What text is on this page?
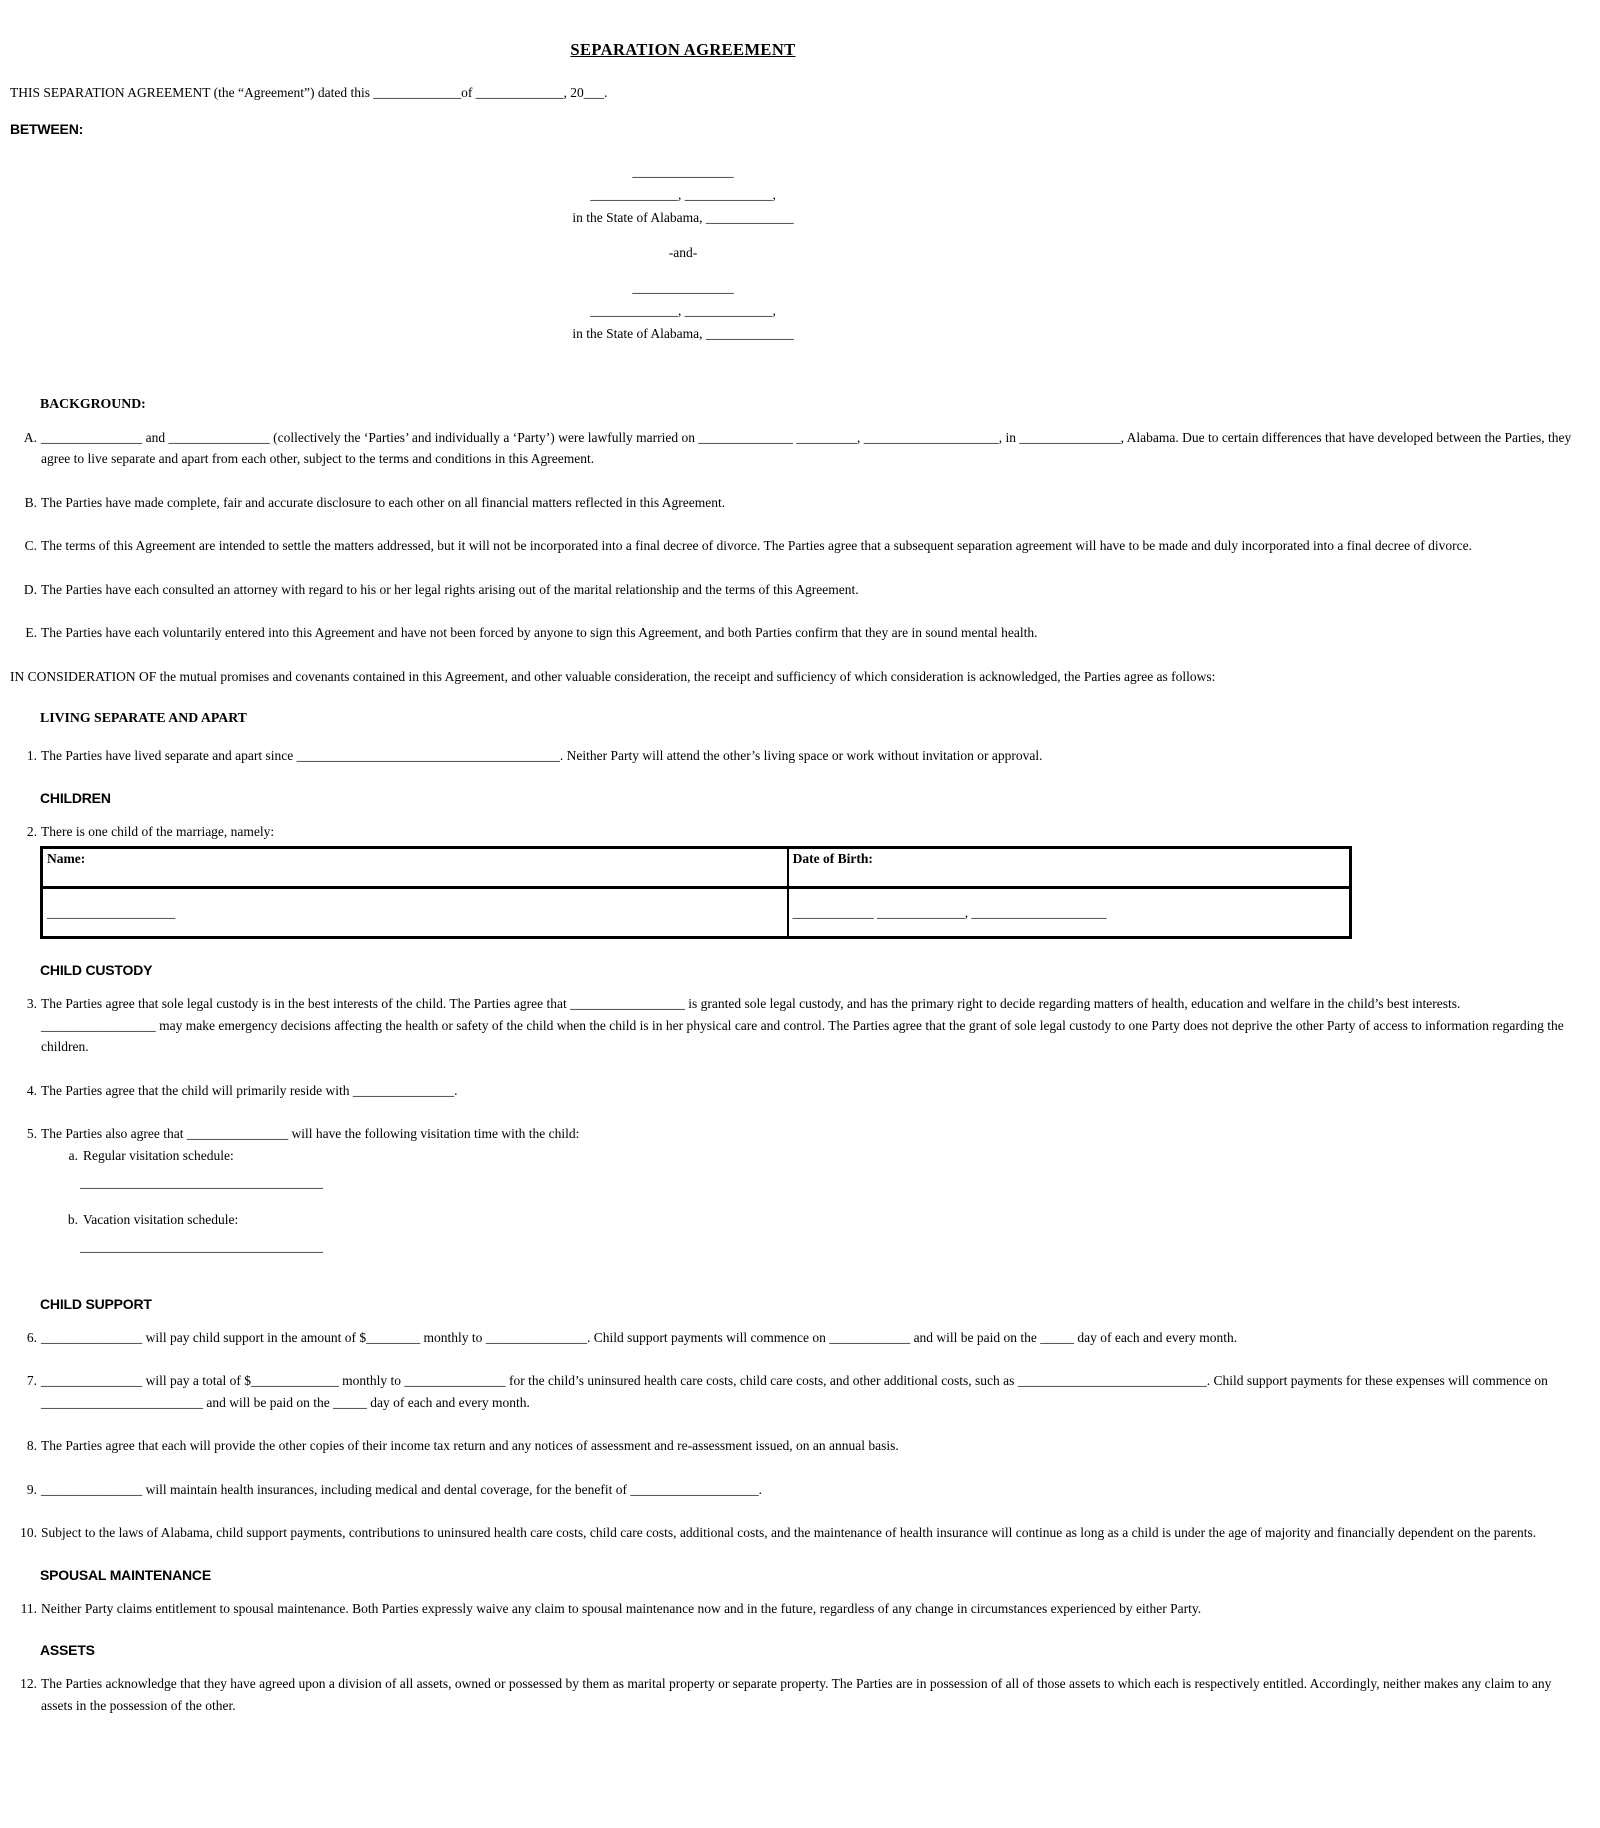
SEPARATION AGREEMENT

THIS SEPARATION AGREEMENT (the “Agreement”) dated this _____________of _____________, 20___.

BETWEEN:
_______________
_____________, _____________,
in the State of Alabama, _____________
-and-
_______________
_____________, _____________,
in the State of Alabama, _____________
BACKGROUND:
A. _______________ and _______________ (collectively the ‘Parties’ and individually a ‘Party’) were lawfully married on ______________ _________, ____________________, in _______________, Alabama. Due to certain differences that have developed between the Parties, they agree to live separate and apart from each other, subject to the terms and conditions in this Agreement.
B. The Parties have made complete, fair and accurate disclosure to each other on all financial matters reflected in this Agreement.
C. The terms of this Agreement are intended to settle the matters addressed, but it will not be incorporated into a final decree of divorce. The Parties agree that a subsequent separation agreement will have to be made and duly incorporated into a final decree of divorce.
D. The Parties have each consulted an attorney with regard to his or her legal rights arising out of the marital relationship and the terms of this Agreement.
E. The Parties have each voluntarily entered into this Agreement and have not been forced by anyone to sign this Agreement, and both Parties confirm that they are in sound mental health.

IN CONSIDERATION OF the mutual promises and covenants contained in this Agreement, and other valuable consideration, the receipt and sufficiency of which consideration is acknowledged, the Parties agree as follows:

LIVING SEPARATE AND APART
1. The Parties have lived separate and apart since _______________________________________. Neither Party will attend the other’s living space or work without invitation or approval.
CHILDREN
2. There is one child of the marriage, namely:
Name:	Date of Birth:
___________________	____________ _____________, ____________________
CHILD CUSTODY
3. The Parties agree that sole legal custody is in the best interests of the child. The Parties agree that _________________ is granted sole legal custody, and has the primary right to decide regarding matters of health, education and welfare in the child’s best interests. _________________ may make emergency decisions affecting the health or safety of the child when the child is in her physical care and control. The Parties agree that the grant of sole legal custody to one Party does not deprive the other Party of access to information regarding the children.
4. The Parties agree that the child will primarily reside with _______________.
5. The Parties also agree that _______________ will have the following visitation time with the child:
a. Regular visitation schedule:
____________________________________
b. Vacation visitation schedule:
____________________________________
CHILD SUPPORT
6. _______________ will pay child support in the amount of $________ monthly to _______________. Child support payments will commence on ____________ and will be paid on the _____ day of each and every month.
7. _______________ will pay a total of $_____________ monthly to _______________ for the child’s uninsured health care costs, child care costs, and other additional costs, such as ____________________________. Child support payments for these expenses will commence on ________________________ and will be paid on the _____ day of each and every month.
8. The Parties agree that each will provide the other copies of their income tax return and any notices of assessment and re-assessment issued, on an annual basis.
9. _______________ will maintain health insurances, including medical and dental coverage, for the benefit of ___________________.
10. Subject to the laws of Alabama, child support payments, contributions to uninsured health care costs, child care costs, additional costs, and the maintenance of health insurance will continue as long as a child is under the age of majority and financially dependent on the parents.
SPOUSAL MAINTENANCE
11. Neither Party claims entitlement to spousal maintenance. Both Parties expressly waive any claim to spousal maintenance now and in the future, regardless of any change in circumstances experienced by either Party.
ASSETS
12. The Parties acknowledge that they have agreed upon a division of all assets, owned or possessed by them as marital property or separate property. The Parties are in possession of all of those assets to which each is respectively entitled. Accordingly, neither makes any claim to any assets in the possession of the other.
